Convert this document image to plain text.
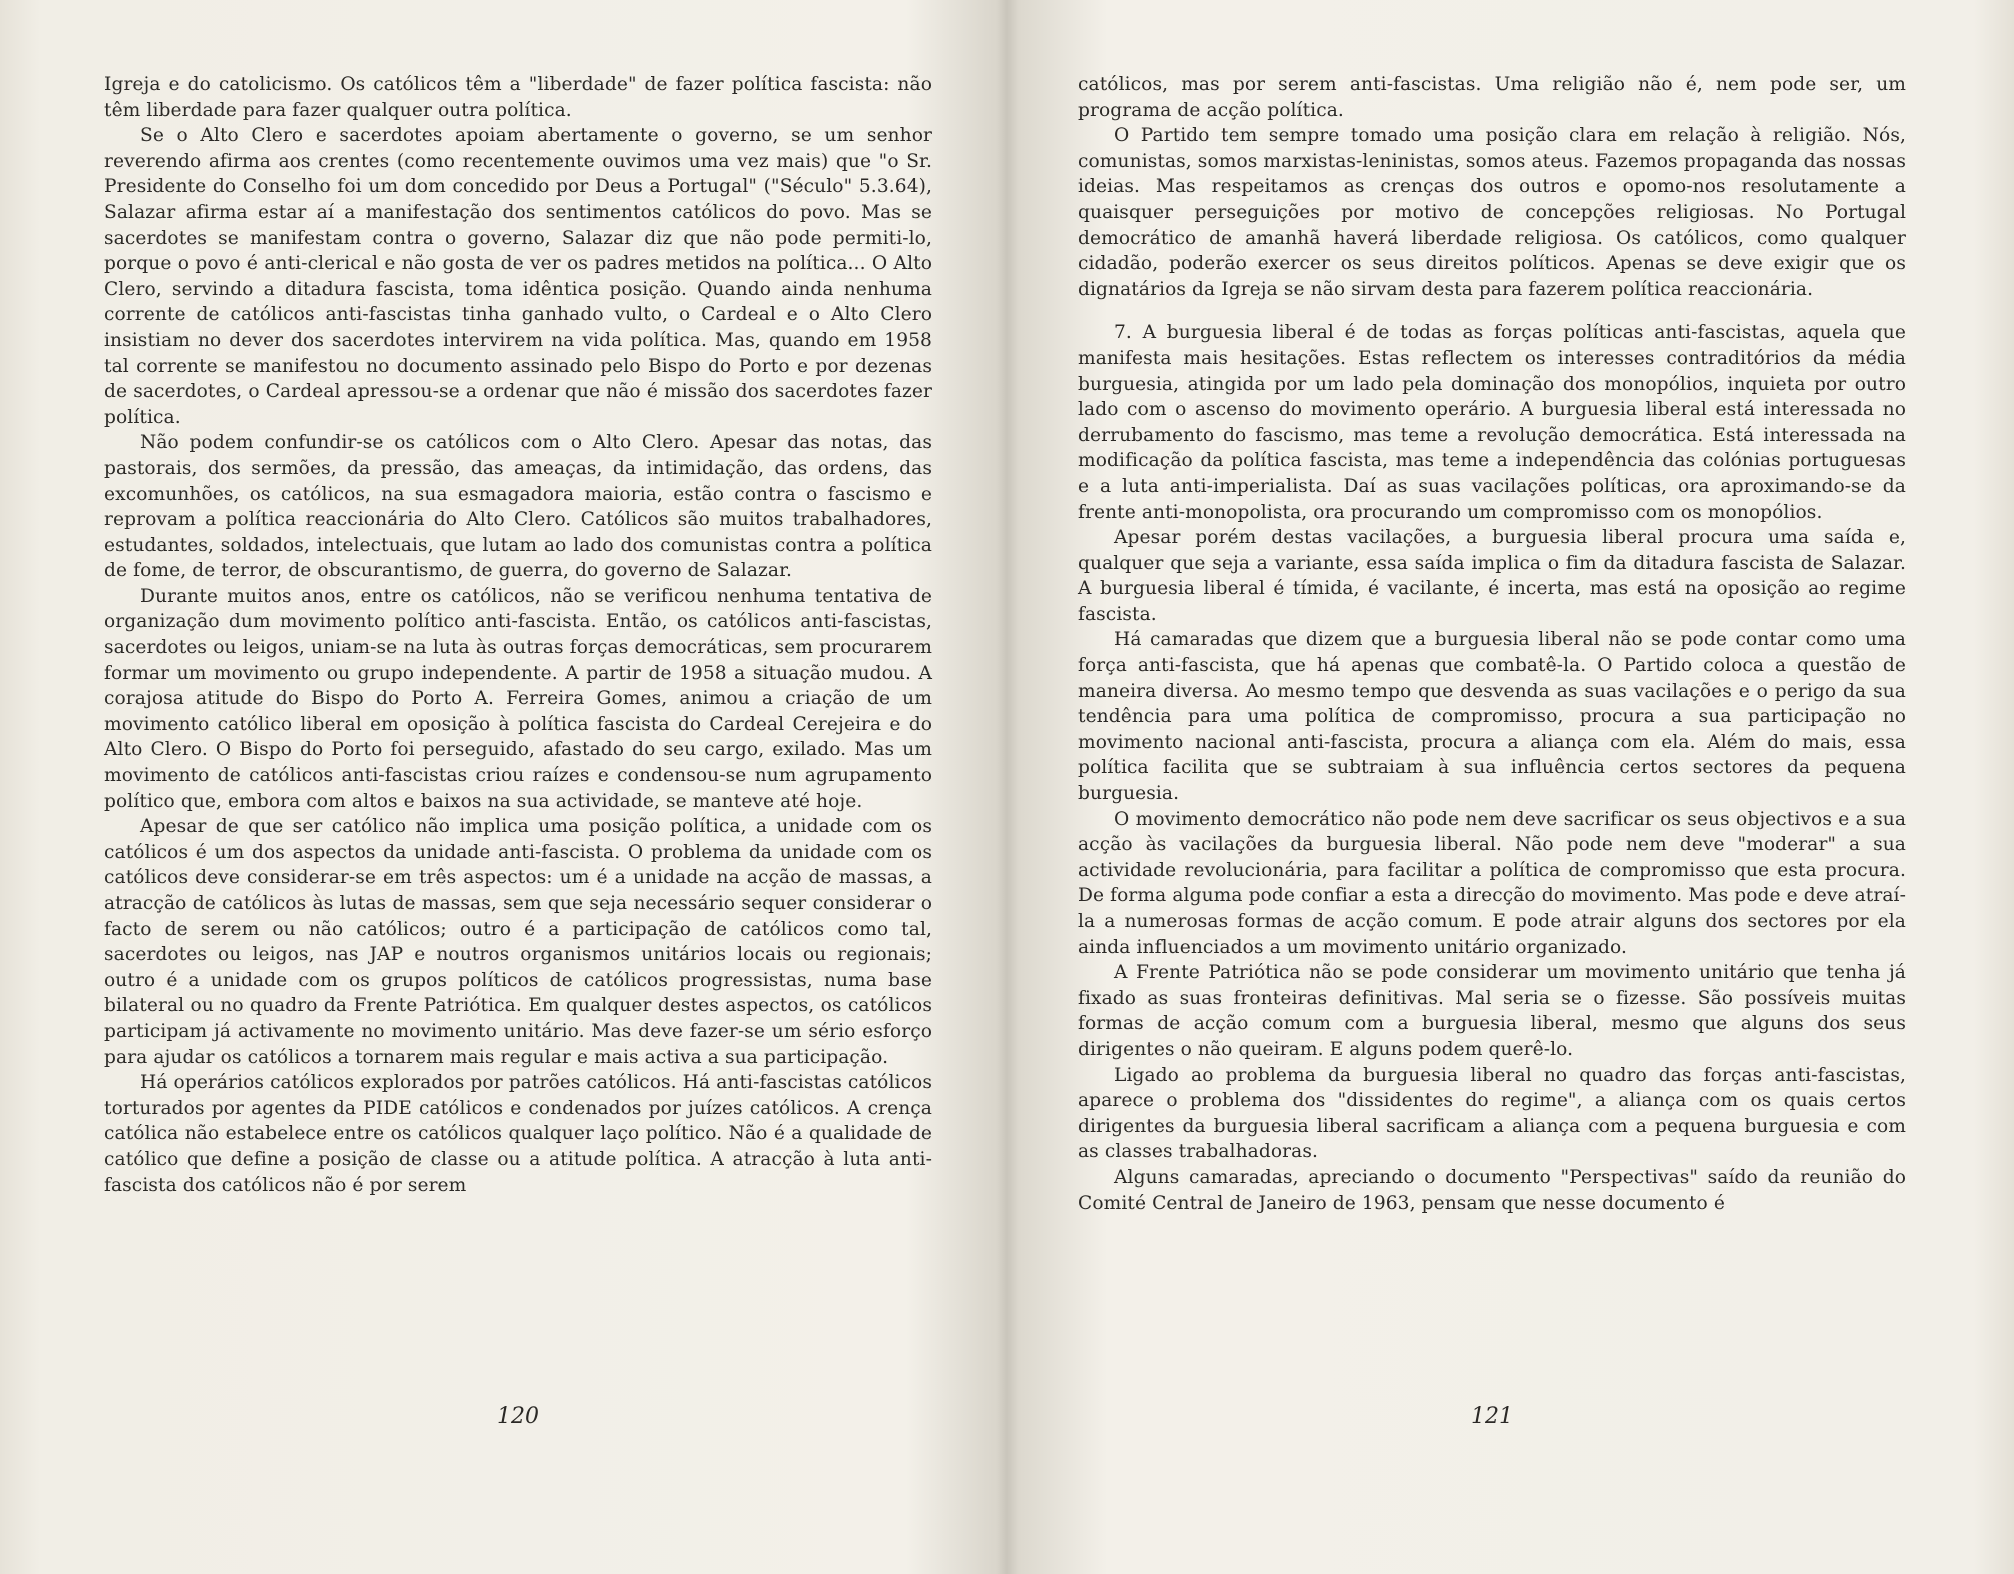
Igreja e do catolicismo. Os católicos têm a "liberdade" de fazer política fascista: não têm liberdade para fazer qualquer outra política.

Se o Alto Clero e sacerdotes apoiam abertamente o governo, se um senhor reverendo afirma aos crentes (como recentemente ouvimos uma vez mais) que "o Sr. Presidente do Conselho foi um dom concedido por Deus a Portugal" ("Século" 5.3.64), Salazar afirma estar aí a manifestação dos sentimentos católicos do povo. Mas se sacerdotes se manifestam contra o governo, Salazar diz que não pode permiti-lo, porque o povo é anti-clerical e não gosta de ver os padres metidos na política... O Alto Clero, servindo a ditadura fascista, toma idêntica posição. Quando ainda nenhuma corrente de católicos anti-fascistas tinha ganhado vulto, o Cardeal e o Alto Clero insistiam no dever dos sacerdotes intervirem na vida política. Mas, quando em 1958 tal corrente se manifestou no documento assinado pelo Bispo do Porto e por dezenas de sacerdotes, o Cardeal apressou-se a ordenar que não é missão dos sacerdotes fazer política.

Não podem confundir-se os católicos com o Alto Clero. Apesar das notas, das pastorais, dos sermões, da pressão, das ameaças, da intimidação, das ordens, das excomunhões, os católicos, na sua esmagadora maioria, estão contra o fascismo e reprovam a política reaccionária do Alto Clero. Católicos são muitos trabalhadores, estudantes, soldados, intelectuais, que lutam ao lado dos comunistas contra a política de fome, de terror, de obscurantismo, de guerra, do governo de Salazar.

Durante muitos anos, entre os católicos, não se verificou nenhuma tentativa de organização dum movimento político anti-fascista. Então, os católicos anti-fascistas, sacerdotes ou leigos, uniam-se na luta às outras forças democráticas, sem procurarem formar um movimento ou grupo independente. A partir de 1958 a situação mudou. A corajosa atitude do Bispo do Porto A. Ferreira Gomes, animou a criação de um movimento católico liberal em oposição à política fascista do Cardeal Cerejeira e do Alto Clero. O Bispo do Porto foi perseguido, afastado do seu cargo, exilado. Mas um movimento de católicos anti-fascistas criou raízes e condensou-se num agrupamento político que, embora com altos e baixos na sua actividade, se manteve até hoje.

Apesar de que ser católico não implica uma posição política, a unidade com os católicos é um dos aspectos da unidade anti-fascista. O problema da unidade com os católicos deve considerar-se em três aspectos: um é a unidade na acção de massas, a atracção de católicos às lutas de massas, sem que seja necessário sequer considerar o facto de serem ou não católicos; outro é a participação de católicos como tal, sacerdotes ou leigos, nas JAP e noutros organismos unitários locais ou regionais; outro é a unidade com os grupos políticos de católicos progressistas, numa base bilateral ou no quadro da Frente Patriótica. Em qualquer destes aspectos, os católicos participam já activamente no movimento unitário. Mas deve fazer-se um sério esforço para ajudar os católicos a tornarem mais regular e mais activa a sua participação.

Há operários católicos explorados por patrões católicos. Há anti-fascistas católicos torturados por agentes da PIDE católicos e condenados por juízes católicos. A crença católica não estabelece entre os católicos qualquer laço político. Não é a qualidade de católico que define a posição de classe ou a atitude política. A atracção à luta anti-fascista dos católicos não é por serem

120

católicos, mas por serem anti-fascistas. Uma religião não é, nem pode ser, um programa de acção política.

O Partido tem sempre tomado uma posição clara em relação à religião. Nós, comunistas, somos marxistas-leninistas, somos ateus. Fazemos propaganda das nossas ideias. Mas respeitamos as crenças dos outros e opomo-nos resolutamente a quaisquer perseguições por motivo de concepções religiosas. No Portugal democrático de amanhã haverá liberdade religiosa. Os católicos, como qualquer cidadão, poderão exercer os seus direitos políticos. Apenas se deve exigir que os dignatários da Igreja se não sirvam desta para fazerem política reaccionária.

7. A burguesia liberal é de todas as forças políticas anti-fascistas, aquela que manifesta mais hesitações. Estas reflectem os interesses contraditórios da média burguesia, atingida por um lado pela dominação dos monopólios, inquieta por outro lado com o ascenso do movimento operário. A burguesia liberal está interessada no derrubamento do fascismo, mas teme a revolução democrática. Está interessada na modificação da política fascista, mas teme a independência das colónias portuguesas e a luta anti-imperialista. Daí as suas vacilações políticas, ora aproximando-se da frente anti-monopolista, ora procurando um compromisso com os monopólios.

Apesar porém destas vacilações, a burguesia liberal procura uma saída e, qualquer que seja a variante, essa saída implica o fim da ditadura fascista de Salazar. A burguesia liberal é tímida, é vacilante, é incerta, mas está na oposição ao regime fascista.

Há camaradas que dizem que a burguesia liberal não se pode contar como uma força anti-fascista, que há apenas que combatê-la. O Partido coloca a questão de maneira diversa. Ao mesmo tempo que desvenda as suas vacilações e o perigo da sua tendência para uma política de compromisso, procura a sua participação no movimento nacional anti-fascista, procura a aliança com ela. Além do mais, essa política facilita que se subtraiam à sua influência certos sectores da pequena burguesia.

O movimento democrático não pode nem deve sacrificar os seus objectivos e a sua acção às vacilações da burguesia liberal. Não pode nem deve "moderar" a sua actividade revolucionária, para facilitar a política de compromisso que esta procura. De forma alguma pode confiar a esta a direcção do movimento. Mas pode e deve atraí-la a numerosas formas de acção comum. E pode atrair alguns dos sectores por ela ainda influenciados a um movimento unitário organizado.

A Frente Patriótica não se pode considerar um movimento unitário que tenha já fixado as suas fronteiras definitivas. Mal seria se o fizesse. São possíveis muitas formas de acção comum com a burguesia liberal, mesmo que alguns dos seus dirigentes o não queiram. E alguns podem querê-lo.

Ligado ao problema da burguesia liberal no quadro das forças anti-fascistas, aparece o problema dos "dissidentes do regime", a aliança com os quais certos dirigentes da burguesia liberal sacrificam a aliança com a pequena burguesia e com as classes trabalhadoras.

Alguns camaradas, apreciando o documento "Perspectivas" saído da reunião do Comité Central de Janeiro de 1963, pensam que nesse documento é

121
